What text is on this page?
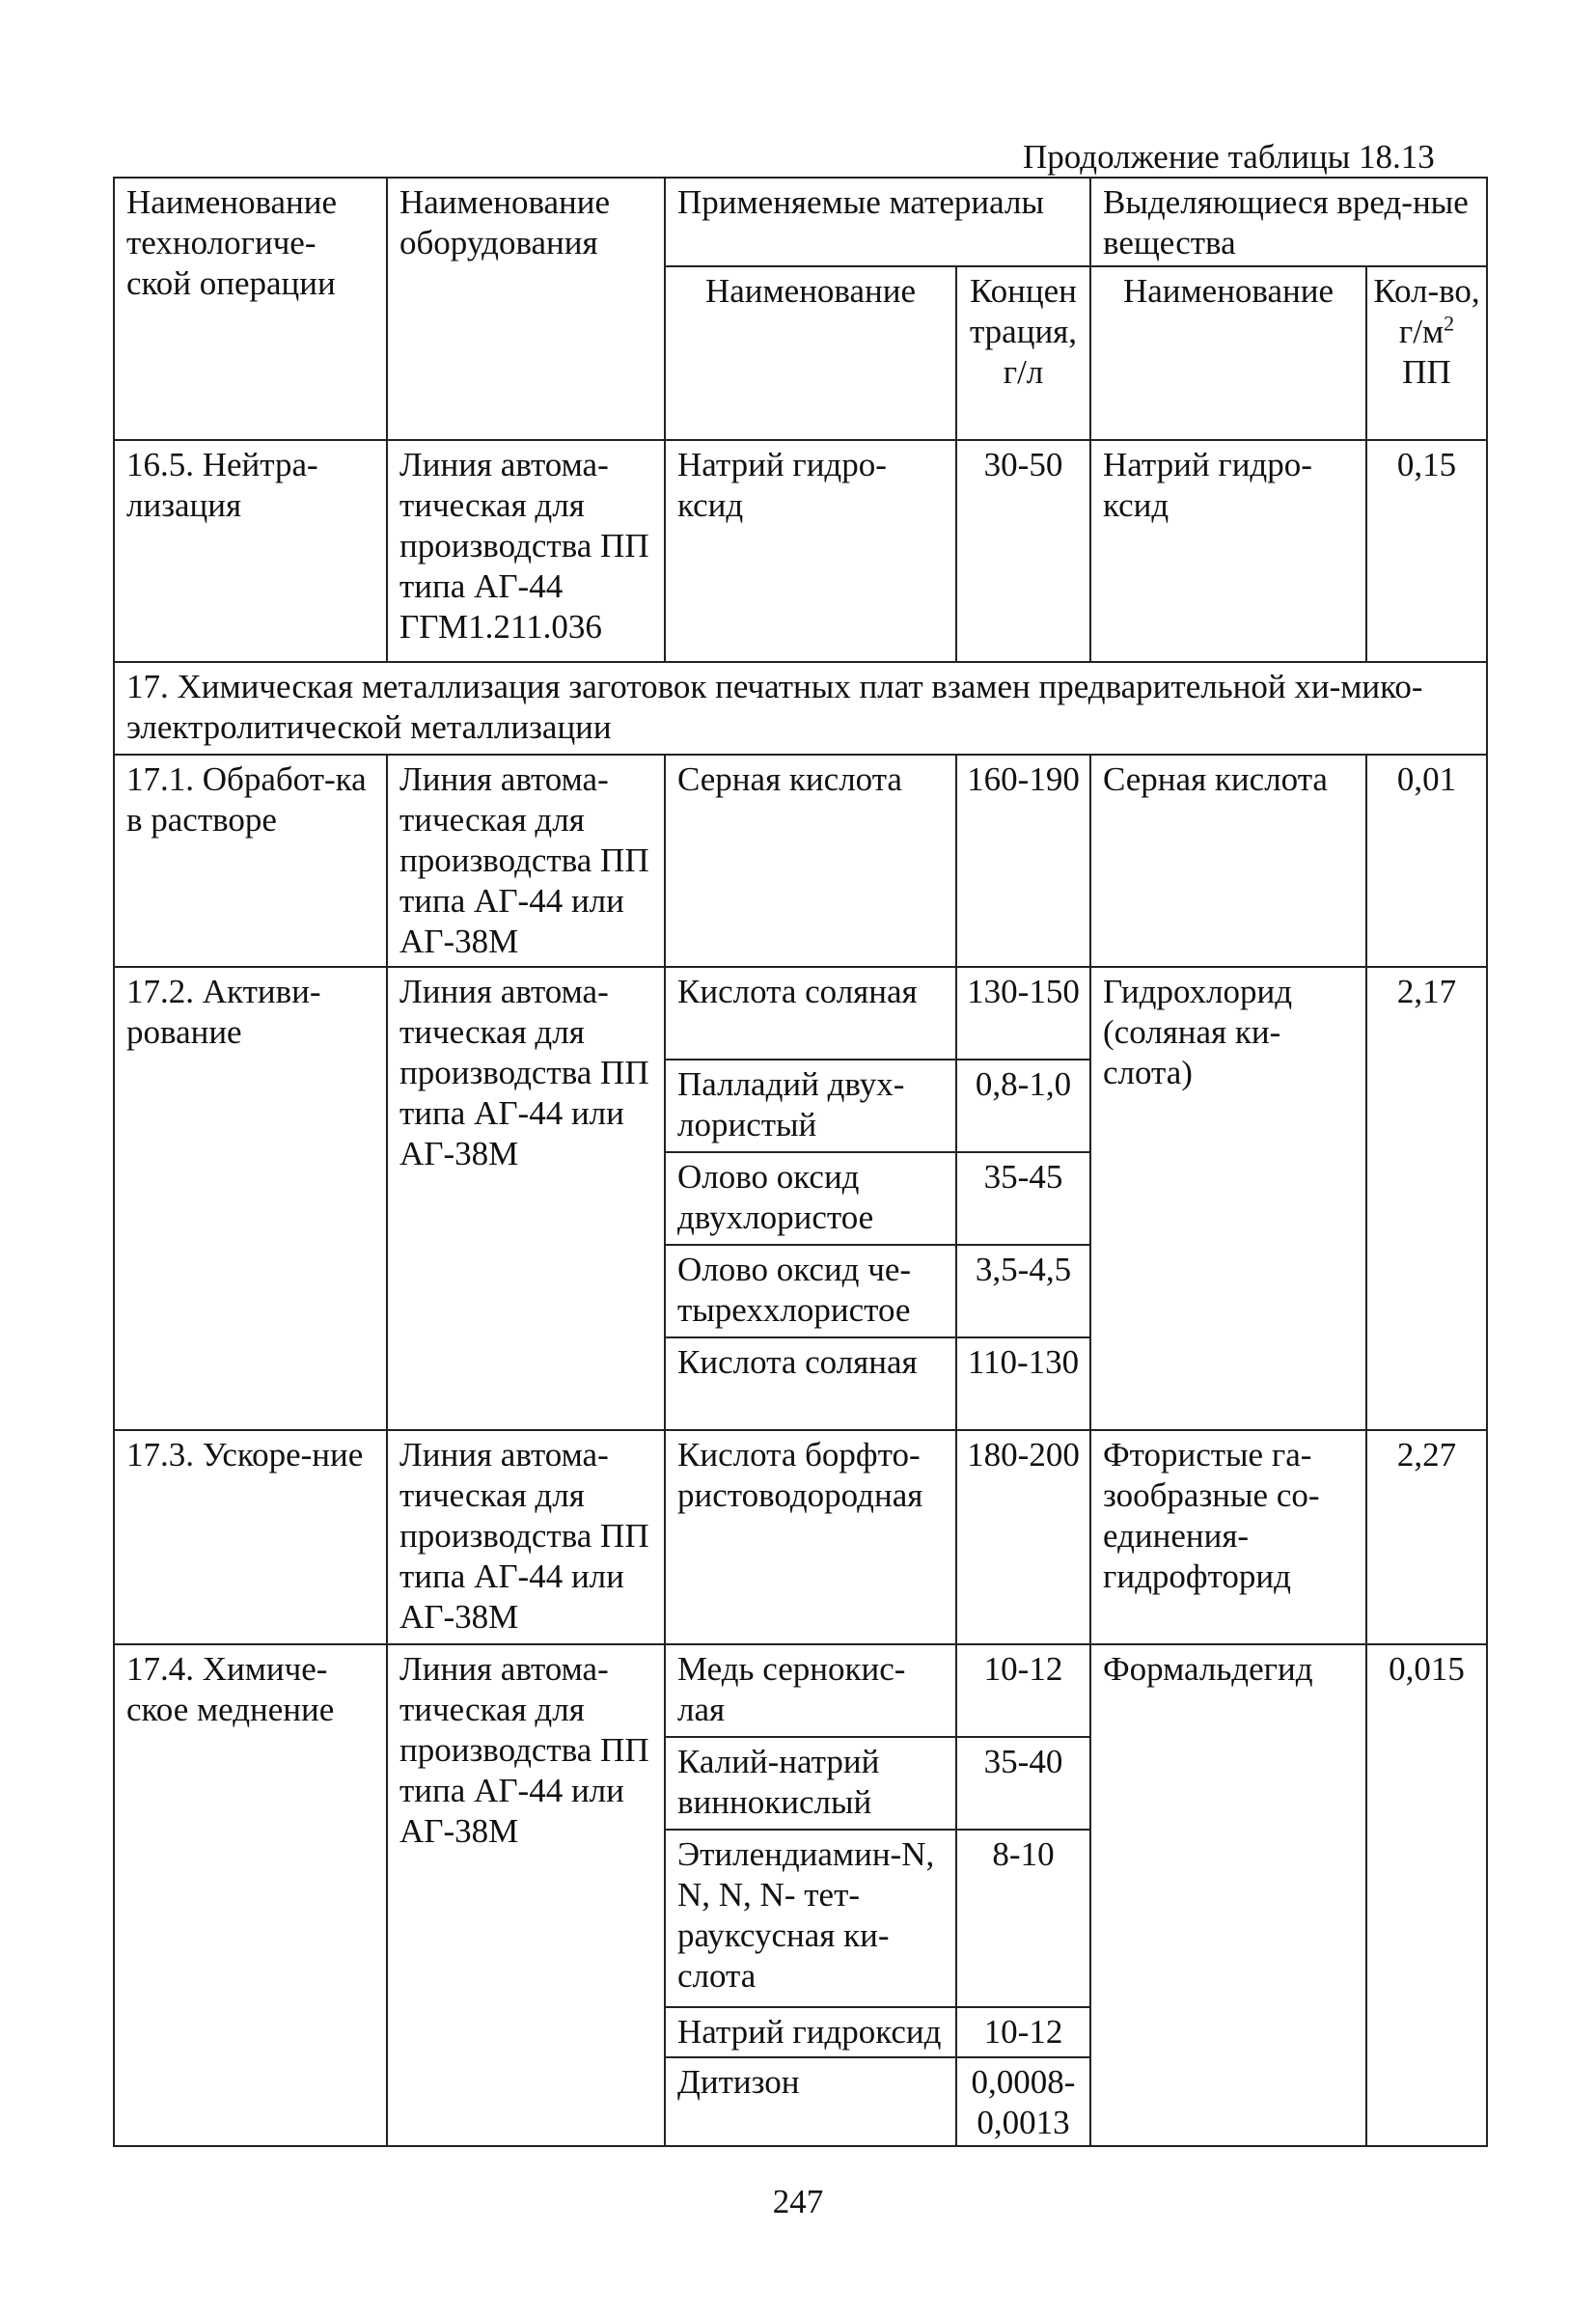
Продолжение таблицы 18.13
Наименование технологиче-ской операции	Наименование оборудования	Применяемые материалы		Выделяющиеся вред-ные вещества	
		Наименование	Концен трация, г/л	Наименование	Кол-во,
$г/м^2$
ПП
16.5. Нейтра-лизация	Линия автома-тическая для производства ПП типа АГ-44 ГГМ1.211.036	Натрий гидро-ксид	30-50	Натрий гидро-ксид	0,15
17. Химическая металлизация заготовок печатных плат взамен предварительной хи-мико-электролитической металлизации					
17.1. Обработ-ка в растворе	Линия автома-тическая для производства ПП типа АГ-44 или АГ-38М	Серная кислота	160-190	Серная кислота	0,01
17.2. Активи-рование	Линия автома-тическая для производства ПП типа АГ-44 или АГ-38М	Кислота соляная	130-150	Гидрохлорид (соляная ки-слота)	2,17
		Палладий двух-лористый	0,8-1,0		
		Олово оксид двухлористое	35-45		
		Олово оксид че-тыреххлористое	3,5-4,5		
		Кислота соляная	110-130		
17.3. Ускоре-ние	Линия автома-тическая для производства ПП типа АГ-44 или АГ-38М	Кислота борфто-ристоводородная	180-200	Фтористые га-зообразные со-единения-гидрофторид	2,27
17.4. Химиче-ское меднение	Линия автома-тическая для производства ПП типа АГ-44 или АГ-38М	Медь сернокис-лая	10-12	Формальдегид	0,015
		Калий-натрий виннокислый	35-40		
		Этилендиамин-N, N, N, N- тет-рауксусная ки-слота	8-10		
		Натрий гидроксид	10-12		
		Дитизон	0,0008-0,0013		
247
